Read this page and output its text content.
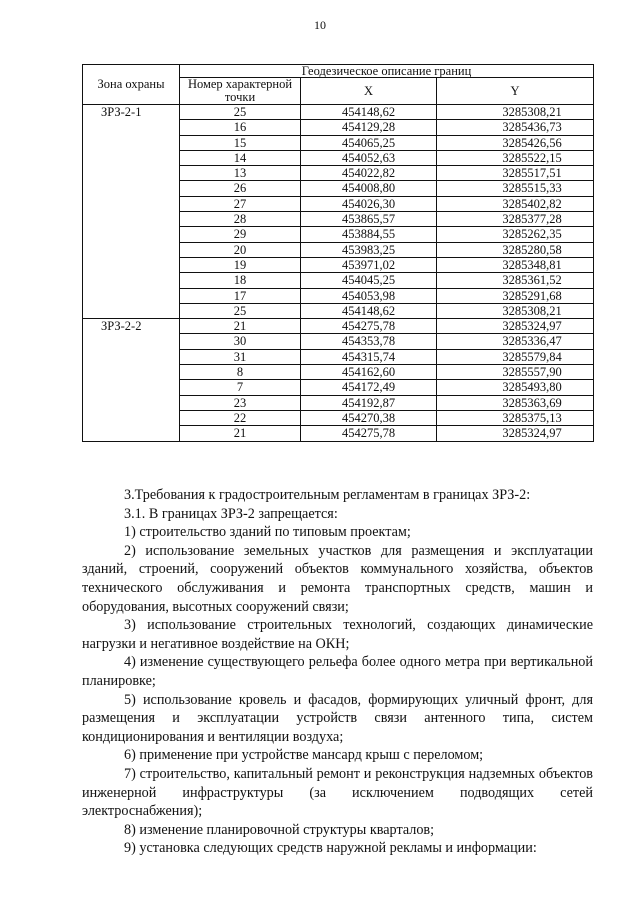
10
Зона охраны	Геодезическое описание границ		
	Номер характерной точки	X	Y
ЗРЗ-2-1	25	454148,62	3285308,21
	16	454129,28	3285436,73
	15	454065,25	3285426,56
	14	454052,63	3285522,15
	13	454022,82	3285517,51
	26	454008,80	3285515,33
	27	454026,30	3285402,82
	28	453865,57	3285377,28
	29	453884,55	3285262,35
	20	453983,25	3285280,58
	19	453971,02	3285348,81
	18	454045,25	3285361,52
	17	454053,98	3285291,68
	25	454148,62	3285308,21
ЗРЗ-2-2	21	454275,78	3285324,97
	30	454353,78	3285336,47
	31	454315,74	3285579,84
	8	454162,60	3285557,90
	7	454172,49	3285493,80
	23	454192,87	3285363,69
	22	454270,38	3285375,13
	21	454275,78	3285324,97

3.Требования к градостроительным регламентам в границах ЗРЗ-2:

3.1. В границах ЗРЗ-2 запрещается:

1) строительство зданий по типовым проектам;

2) использование земельных участков для размещения и эксплуатации зданий, строений, сооружений объектов коммунального хозяйства, объектов технического обслуживания и ремонта транспортных средств, машин и оборудования, высотных сооружений связи;

3) использование строительных технологий, создающих динамические нагрузки и негативное воздействие на ОКН;

4) изменение существующего рельефа более одного метра при вертикальной планировке;

5) использование кровель и фасадов, формирующих уличный фронт, для размещения и эксплуатации устройств связи антенного типа, систем кондиционирования и вентиляции воздуха;

6) применение при устройстве мансард крыш с переломом;

7) строительство, капитальный ремонт и реконструкция надземных объектов инженерной инфраструктуры (за исключением подводящих сетей электроснабжения);

8) изменение планировочной структуры кварталов;

9) установка следующих средств наружной рекламы и информации:
